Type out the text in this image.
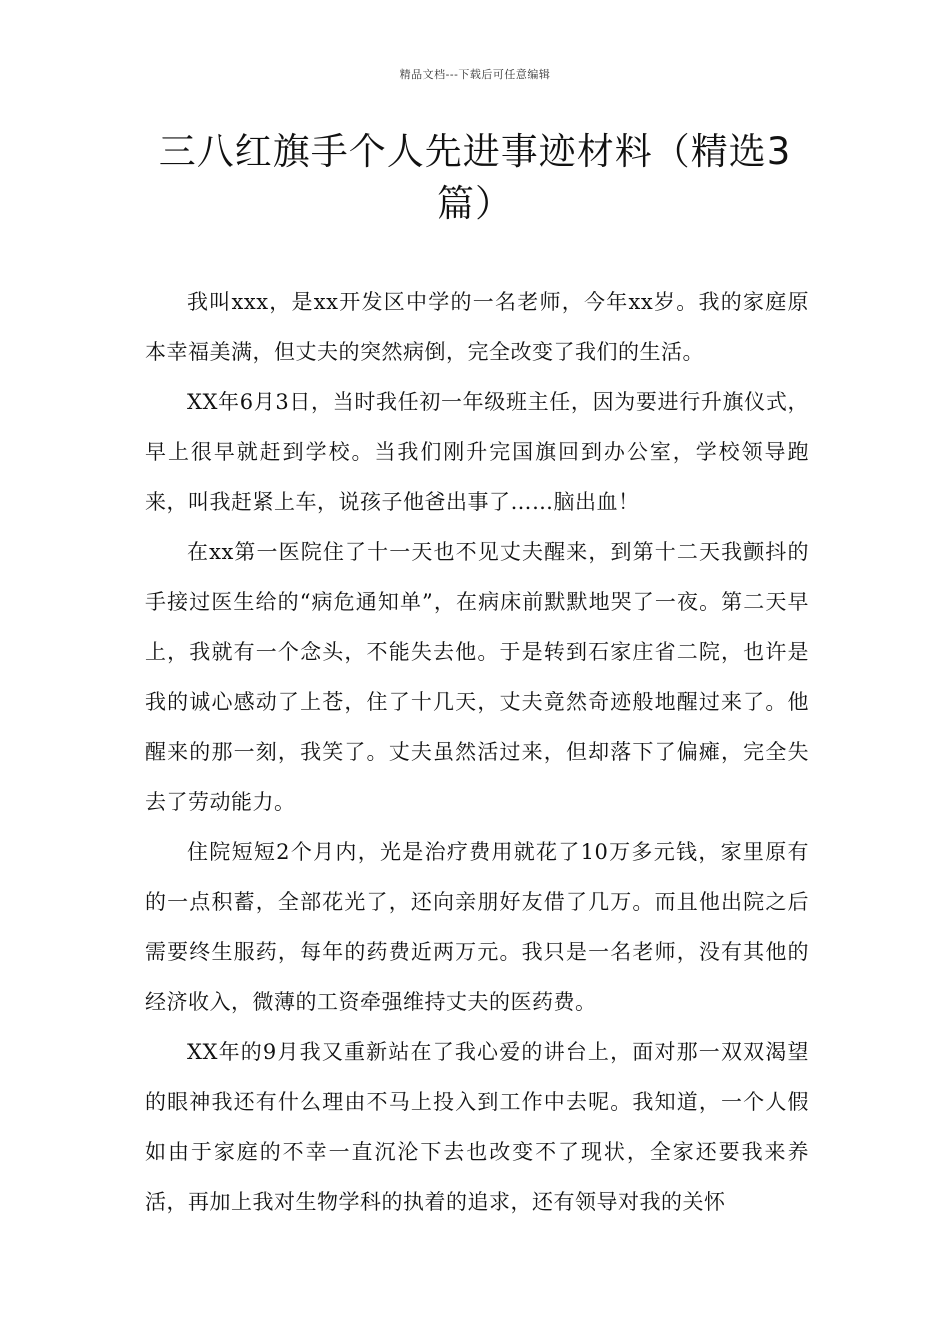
精品文档---下载后可任意编辑
三八红旗手个人先进事迹材料（精选3篇）

我叫xxx，是xx开发区中学的一名老师，今年xx岁。我的家庭原本幸福美满，但丈夫的突然病倒，完全改变了我们的生活。

XX年6月3日，当时我任初一年级班主任，因为要进行升旗仪式，早上很早就赶到学校。当我们刚升完国旗回到办公室，学校领导跑来，叫我赶紧上车，说孩子他爸出事了……脑出血！

在xx第一医院住了十一天也不见丈夫醒来，到第十二天我颤抖的手接过医生给的“病危通知单”，在病床前默默地哭了一夜。第二天早上，我就有一个念头，不能失去他。于是转到石家庄省二院，也许是我的诚心感动了上苍，住了十几天，丈夫竟然奇迹般地醒过来了。他醒来的那一刻，我笑了。丈夫虽然活过来，但却落下了偏瘫，完全失去了劳动能力。

住院短短2个月内，光是治疗费用就花了10万多元钱，家里原有的一点积蓄，全部花光了，还向亲朋好友借了几万。而且他出院之后需要终生服药，每年的药费近两万元。我只是一名老师，没有其他的经济收入，微薄的工资牵强维持丈夫的医药费。

XX年的9月我又重新站在了我心爱的讲台上，面对那一双双渴望的眼神我还有什么理由不马上投入到工作中去呢。我知道，一个人假如由于家庭的不幸一直沉沦下去也改变不了现状，全家还要我来养活，再加上我对生物学科的执着的追求，还有领导对我的关怀
